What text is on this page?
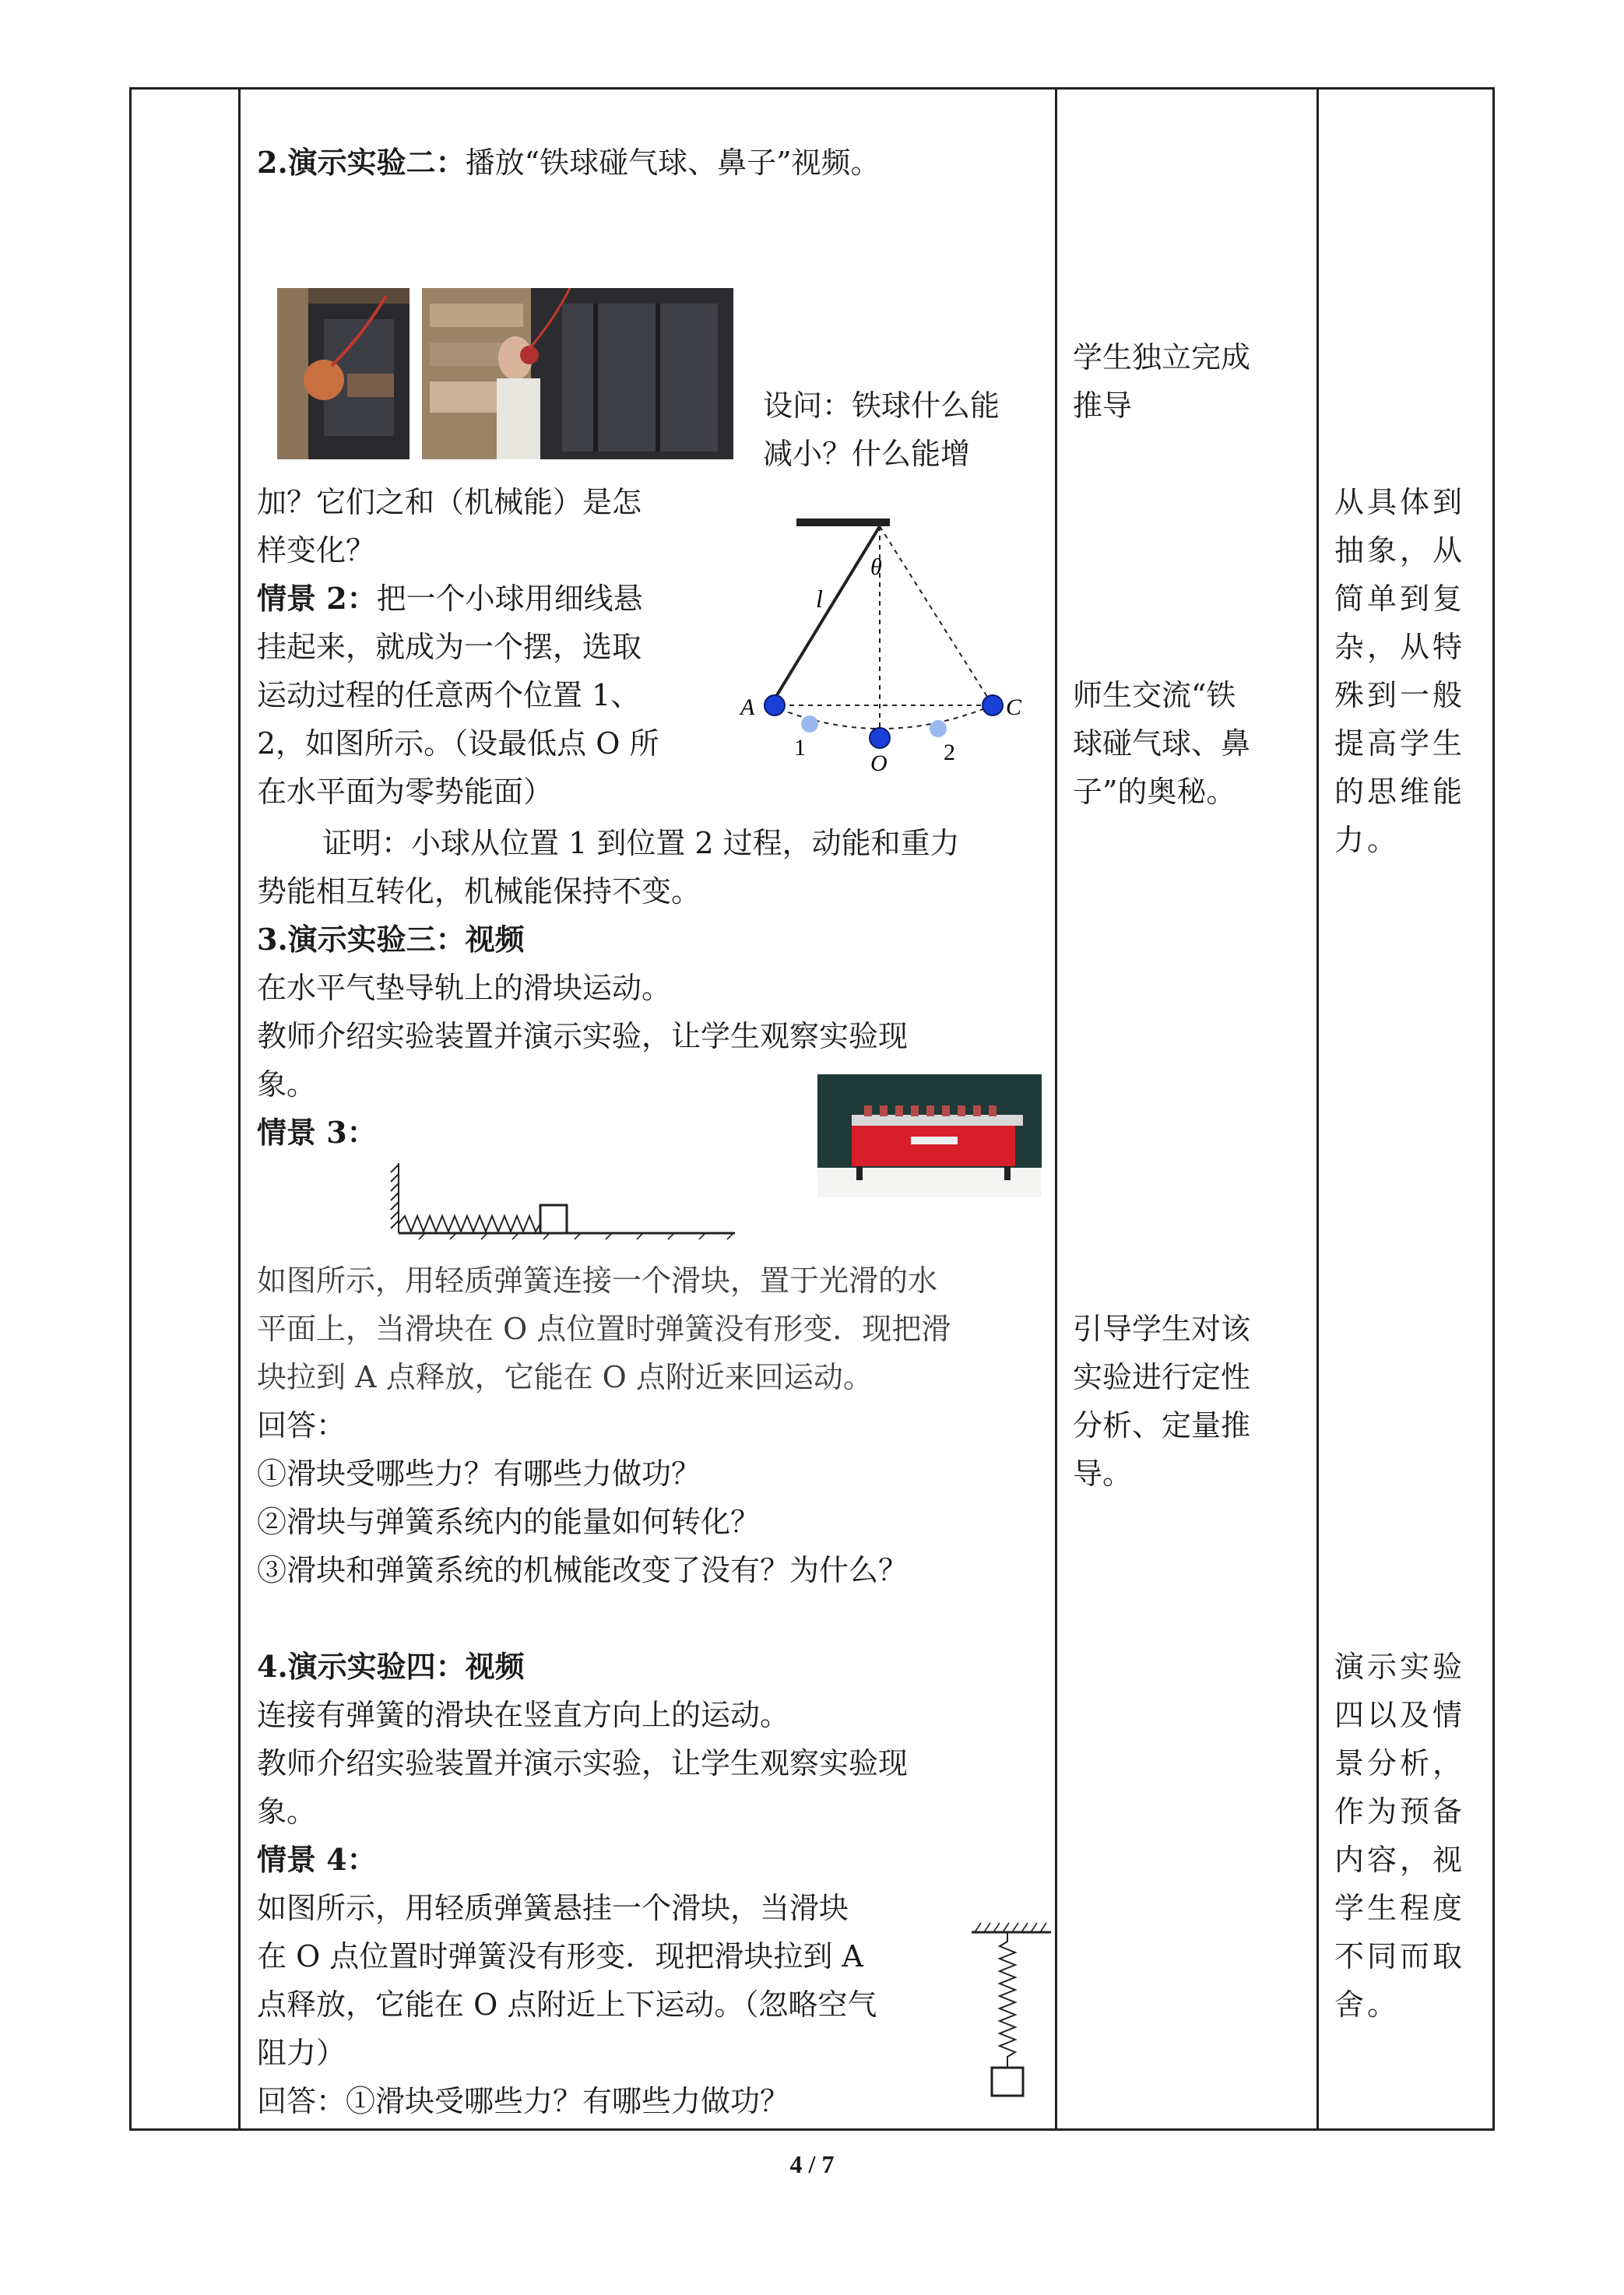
2.演示实验二：播放“铁球碰气球、鼻子”视频。
设问：铁球什么能
减小？什么能增
加？它们之和（机械能）是怎
样变化？
情景 2：把一个小球用细线悬
挂起来，就成为一个摆，选取
运动过程的任意两个位置 1、
2，如图所示。（设最低点 O 所
在水平面为零势能面）
θ
l
A	C
1
O 2
证明：小球从位置 1 到位置 2 过程，动能和重力
势能相互转化，机械能保持不变。
3.演示实验三：视频
在水平气垫导轨上的滑块运动。
教师介绍实验装置并演示实验，让学生观察实验现
象。
情景 3：
如图所示，用轻质弹簧连接一个滑块，置于光滑的水
平面上，当滑块在 O 点位置时弹簧没有形变．现把滑
块拉到 A 点释放，它能在 O 点附近来回运动。
回答：
①滑块受哪些力？有哪些力做功？
②滑块与弹簧系统内的能量如何转化？
③滑块和弹簧系统的机械能改变了没有？为什么？
4.演示实验四：视频
连接有弹簧的滑块在竖直方向上的运动。
教师介绍实验装置并演示实验，让学生观察实验现
象。
情景 4：
如图所示，用轻质弹簧悬挂一个滑块，当滑块
在 O 点位置时弹簧没有形变．现把滑块拉到 A
点释放，它能在 O 点附近上下运动。（忽略空气
阻力）
回答：①滑块受哪些力？有哪些力做功？
学生独立完成
推导
师生交流“铁
球碰气球、鼻
子”的奥秘。
引导学生对该
实验进行定性
分析、定量推
导。
从具体到
抽象，从
简单到复
杂，从特
殊到一般
提高学生
的思维能
力。
演示实验
四以及情
景分析，
作为预备
内容，视
学生程度
不同而取
舍。
4 / 7
